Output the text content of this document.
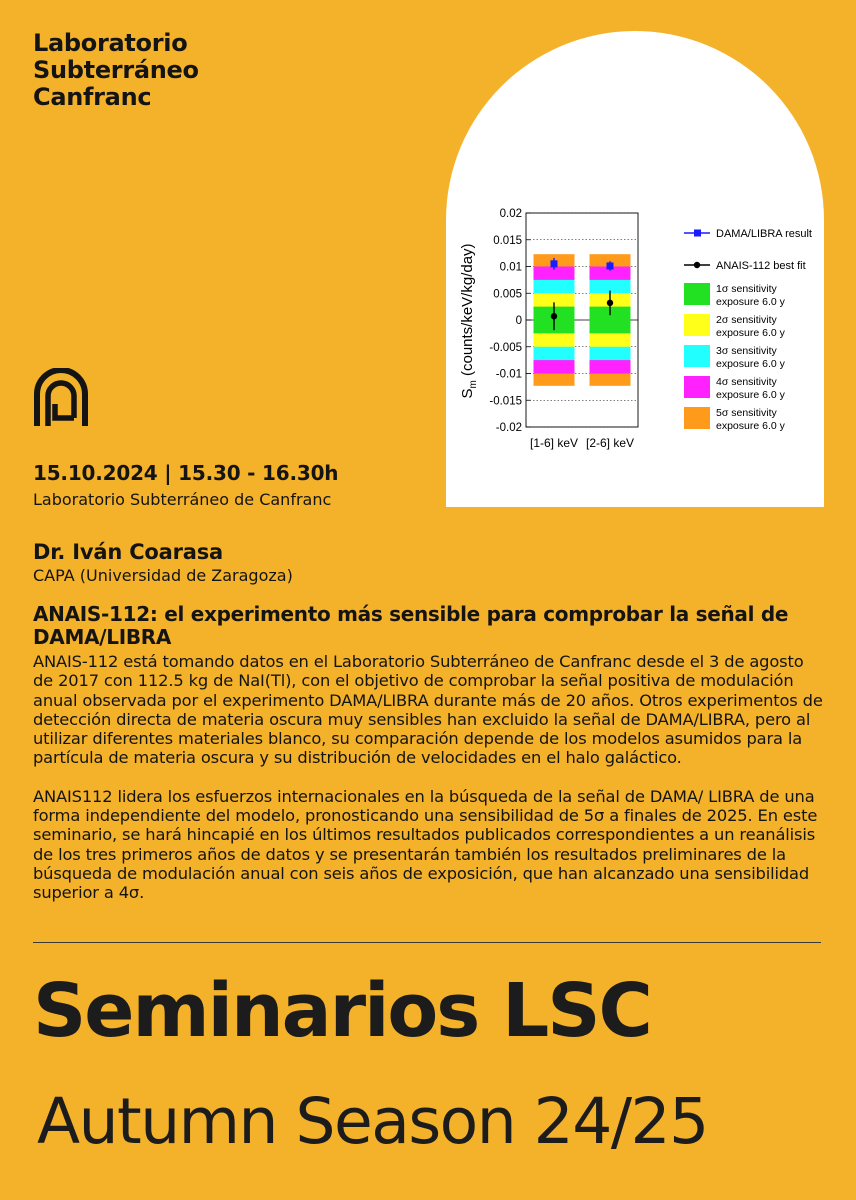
Laboratorio
Subterráneo
Canfranc
0.02
0.015
0.01
0.005
0
-0.005
-0.01
-0.015
-0.02
[1-6] keV [2-6] keV
DAMA/LIBRA result
ANAIS-112 best fit
1σ sensitivity
exposure 6.0 y
2σ sensitivity
exposure 6.0 y
3σ sensitivity
exposure 6.0 y
4σ sensitivity
exposure 6.0 y
5σ sensitivity
exposure 6.0 y
$S_m$ (counts/keV/kg/day)
15.10.2024 | 15.30 - 16.30h
Laboratorio Subterráneo de Canfranc
Dr. Iván Coarasa
CAPA (Universidad de Zaragoza)
ANAIS-112: el experimento más sensible para comprobar la señal de DAMA/LIBRA

ANAIS-112 está tomando datos en el Laboratorio Subterráneo de Canfranc desde el 3 de agosto de 2017 con 112.5 kg de NaI(Tl), con el objetivo de comprobar la señal positiva de modulación anual observada por el experimento DAMA/LIBRA durante más de 20 años. Otros experimentos de detección directa de materia oscura muy sensibles han excluido la señal de DAMA/LIBRA, pero al utilizar diferentes materiales blanco, su comparación depende de los modelos asumidos para la partícula de materia oscura y su distribución de velocidades en el halo galáctico.

ANAIS112 lidera los esfuerzos internacionales en la búsqueda de la señal de DAMA/ LIBRA de una forma independiente del modelo, pronosticando una sensibilidad de 5σ a finales de 2025. En este seminario, se hará hincapié en los últimos resultados publicados correspondientes a un reanálisis de los tres primeros años de datos y se presentarán también los resultados preliminares de la búsqueda de modulación anual con seis años de exposición, que han alcanzado una sensibilidad superior a 4σ.

Seminarios LSC
Autumn Season 24/25
